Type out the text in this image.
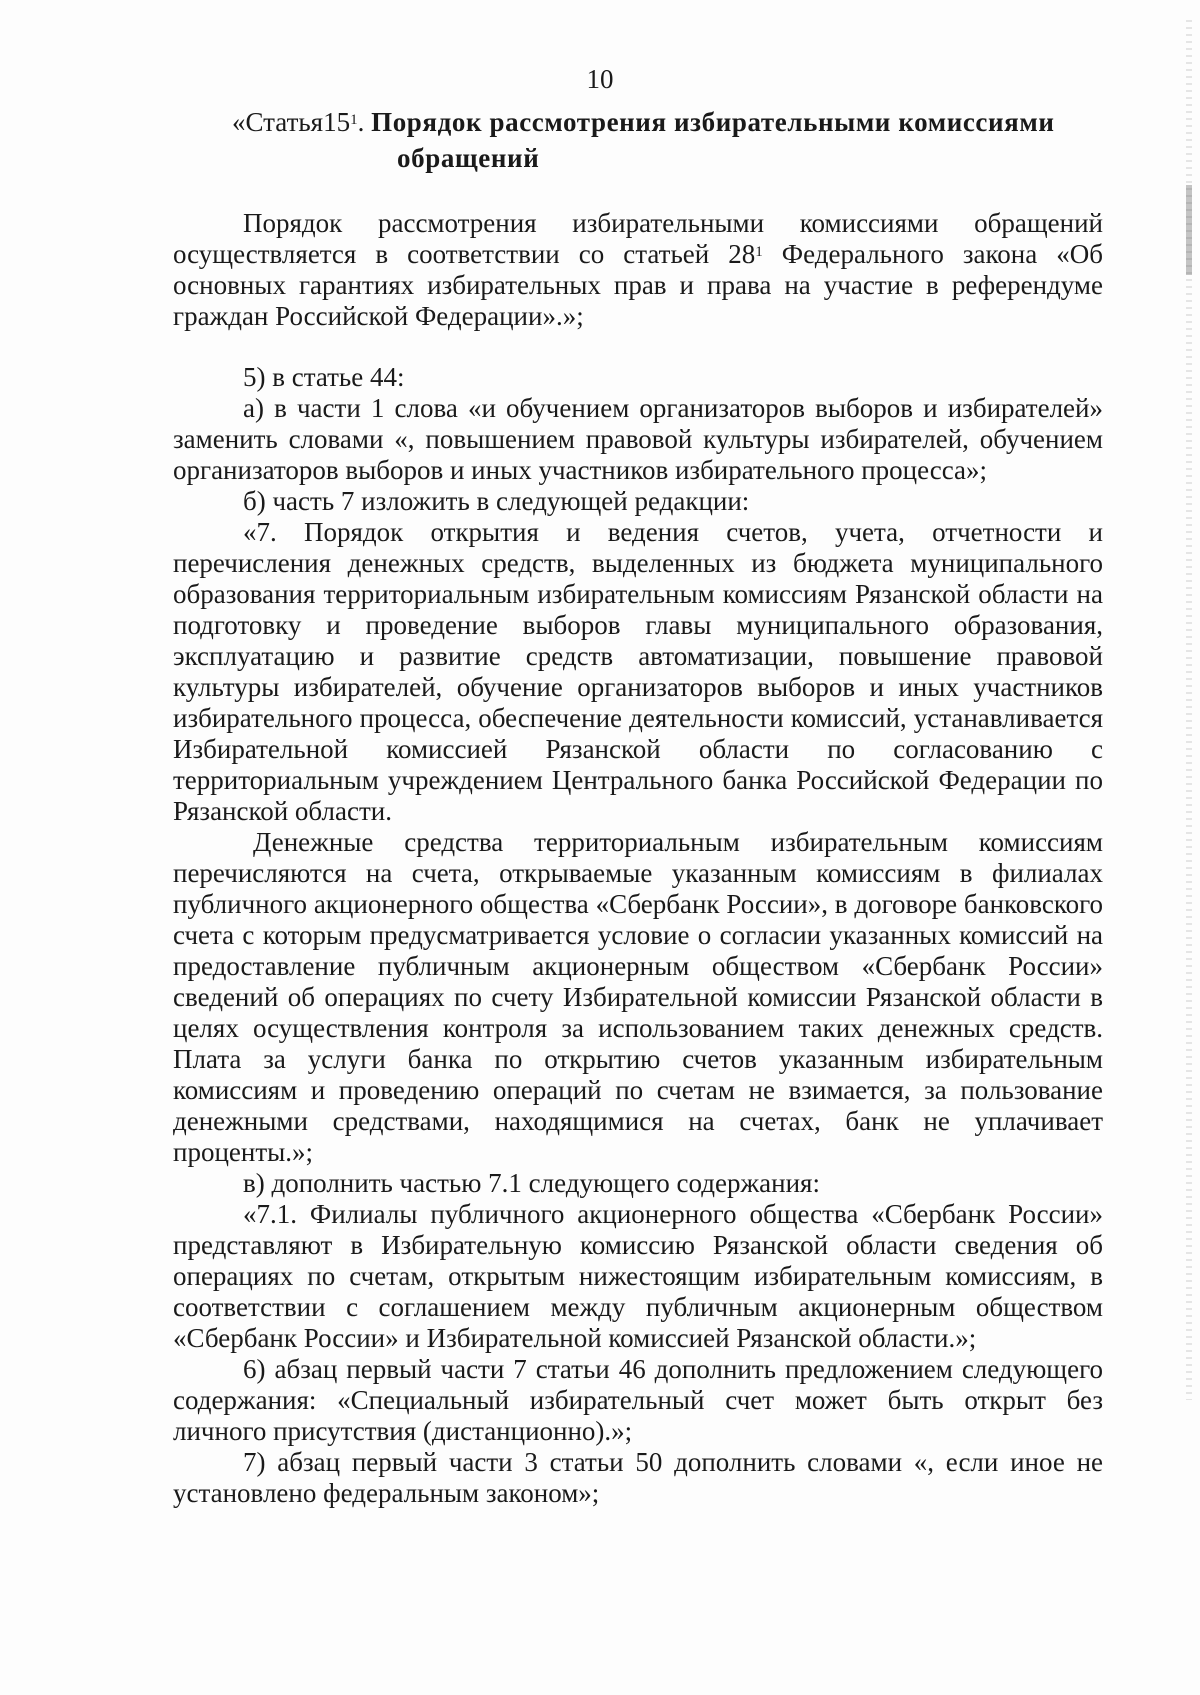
10
«$Статья15^1$. Порядок рассмотрения избирательными комиссиями
обращений

Порядок рассмотрения избирательными комиссиями обращений осуществляется в соответствии со статьей $28^1$ Федерального закона «Об основных гарантиях избирательных прав и права на участие в референдуме граждан Российской Федерации».»;

5) в статье 44:

а) в части 1 слова «и обучением организаторов выборов и избирателей» заменить словами «, повышением правовой культуры избирателей, обучением организаторов выборов и иных участников избирательного процесса»;

б) часть 7 изложить в следующей редакции:

«7. Порядок открытия и ведения счетов, учета, отчетности и перечисления денежных средств, выделенных из бюджета муниципального образования территориальным избирательным комиссиям Рязанской области на подготовку и проведение выборов главы муниципального образования, эксплуатацию и развитие средств автоматизации, повышение правовой культуры избирателей, обучение организаторов выборов и иных участников избирательного процесса, обеспечение деятельности комиссий, устанавливается Избирательной комиссией Рязанской области по согласованию с территориальным учреждением Центрального банка Российской Федерации по Рязанской области.

Денежные средства территориальным избирательным комиссиям перечисляются на счета, открываемые указанным комиссиям в филиалах публичного акционерного общества «Сбербанк России», в договоре банковского счета с которым предусматривается условие о согласии указанных комиссий на предоставление публичным акционерным обществом «Сбербанк России» сведений об операциях по счету Избирательной комиссии Рязанской области в целях осуществления контроля за использованием таких денежных средств. Плата за услуги банка по открытию счетов указанным избирательным комиссиям и проведению операций по счетам не взимается, за пользование денежными средствами, находящимися на счетах, банк не уплачивает проценты.»;

в) дополнить частью 7.1 следующего содержания:

«7.1. Филиалы публичного акционерного общества «Сбербанк России» представляют в Избирательную комиссию Рязанской области сведения об операциях по счетам, открытым нижестоящим избирательным комиссиям, в соответствии с соглашением между публичным акционерным обществом «Сбербанк России» и Избирательной комиссией Рязанской области.»;

6) абзац первый части 7 статьи 46 дополнить предложением следующего содержания: «Специальный избирательный счет может быть открыт без личного присутствия (дистанционно).»;

7) абзац первый части 3 статьи 50 дополнить словами «, если иное не установлено федеральным законом»;
